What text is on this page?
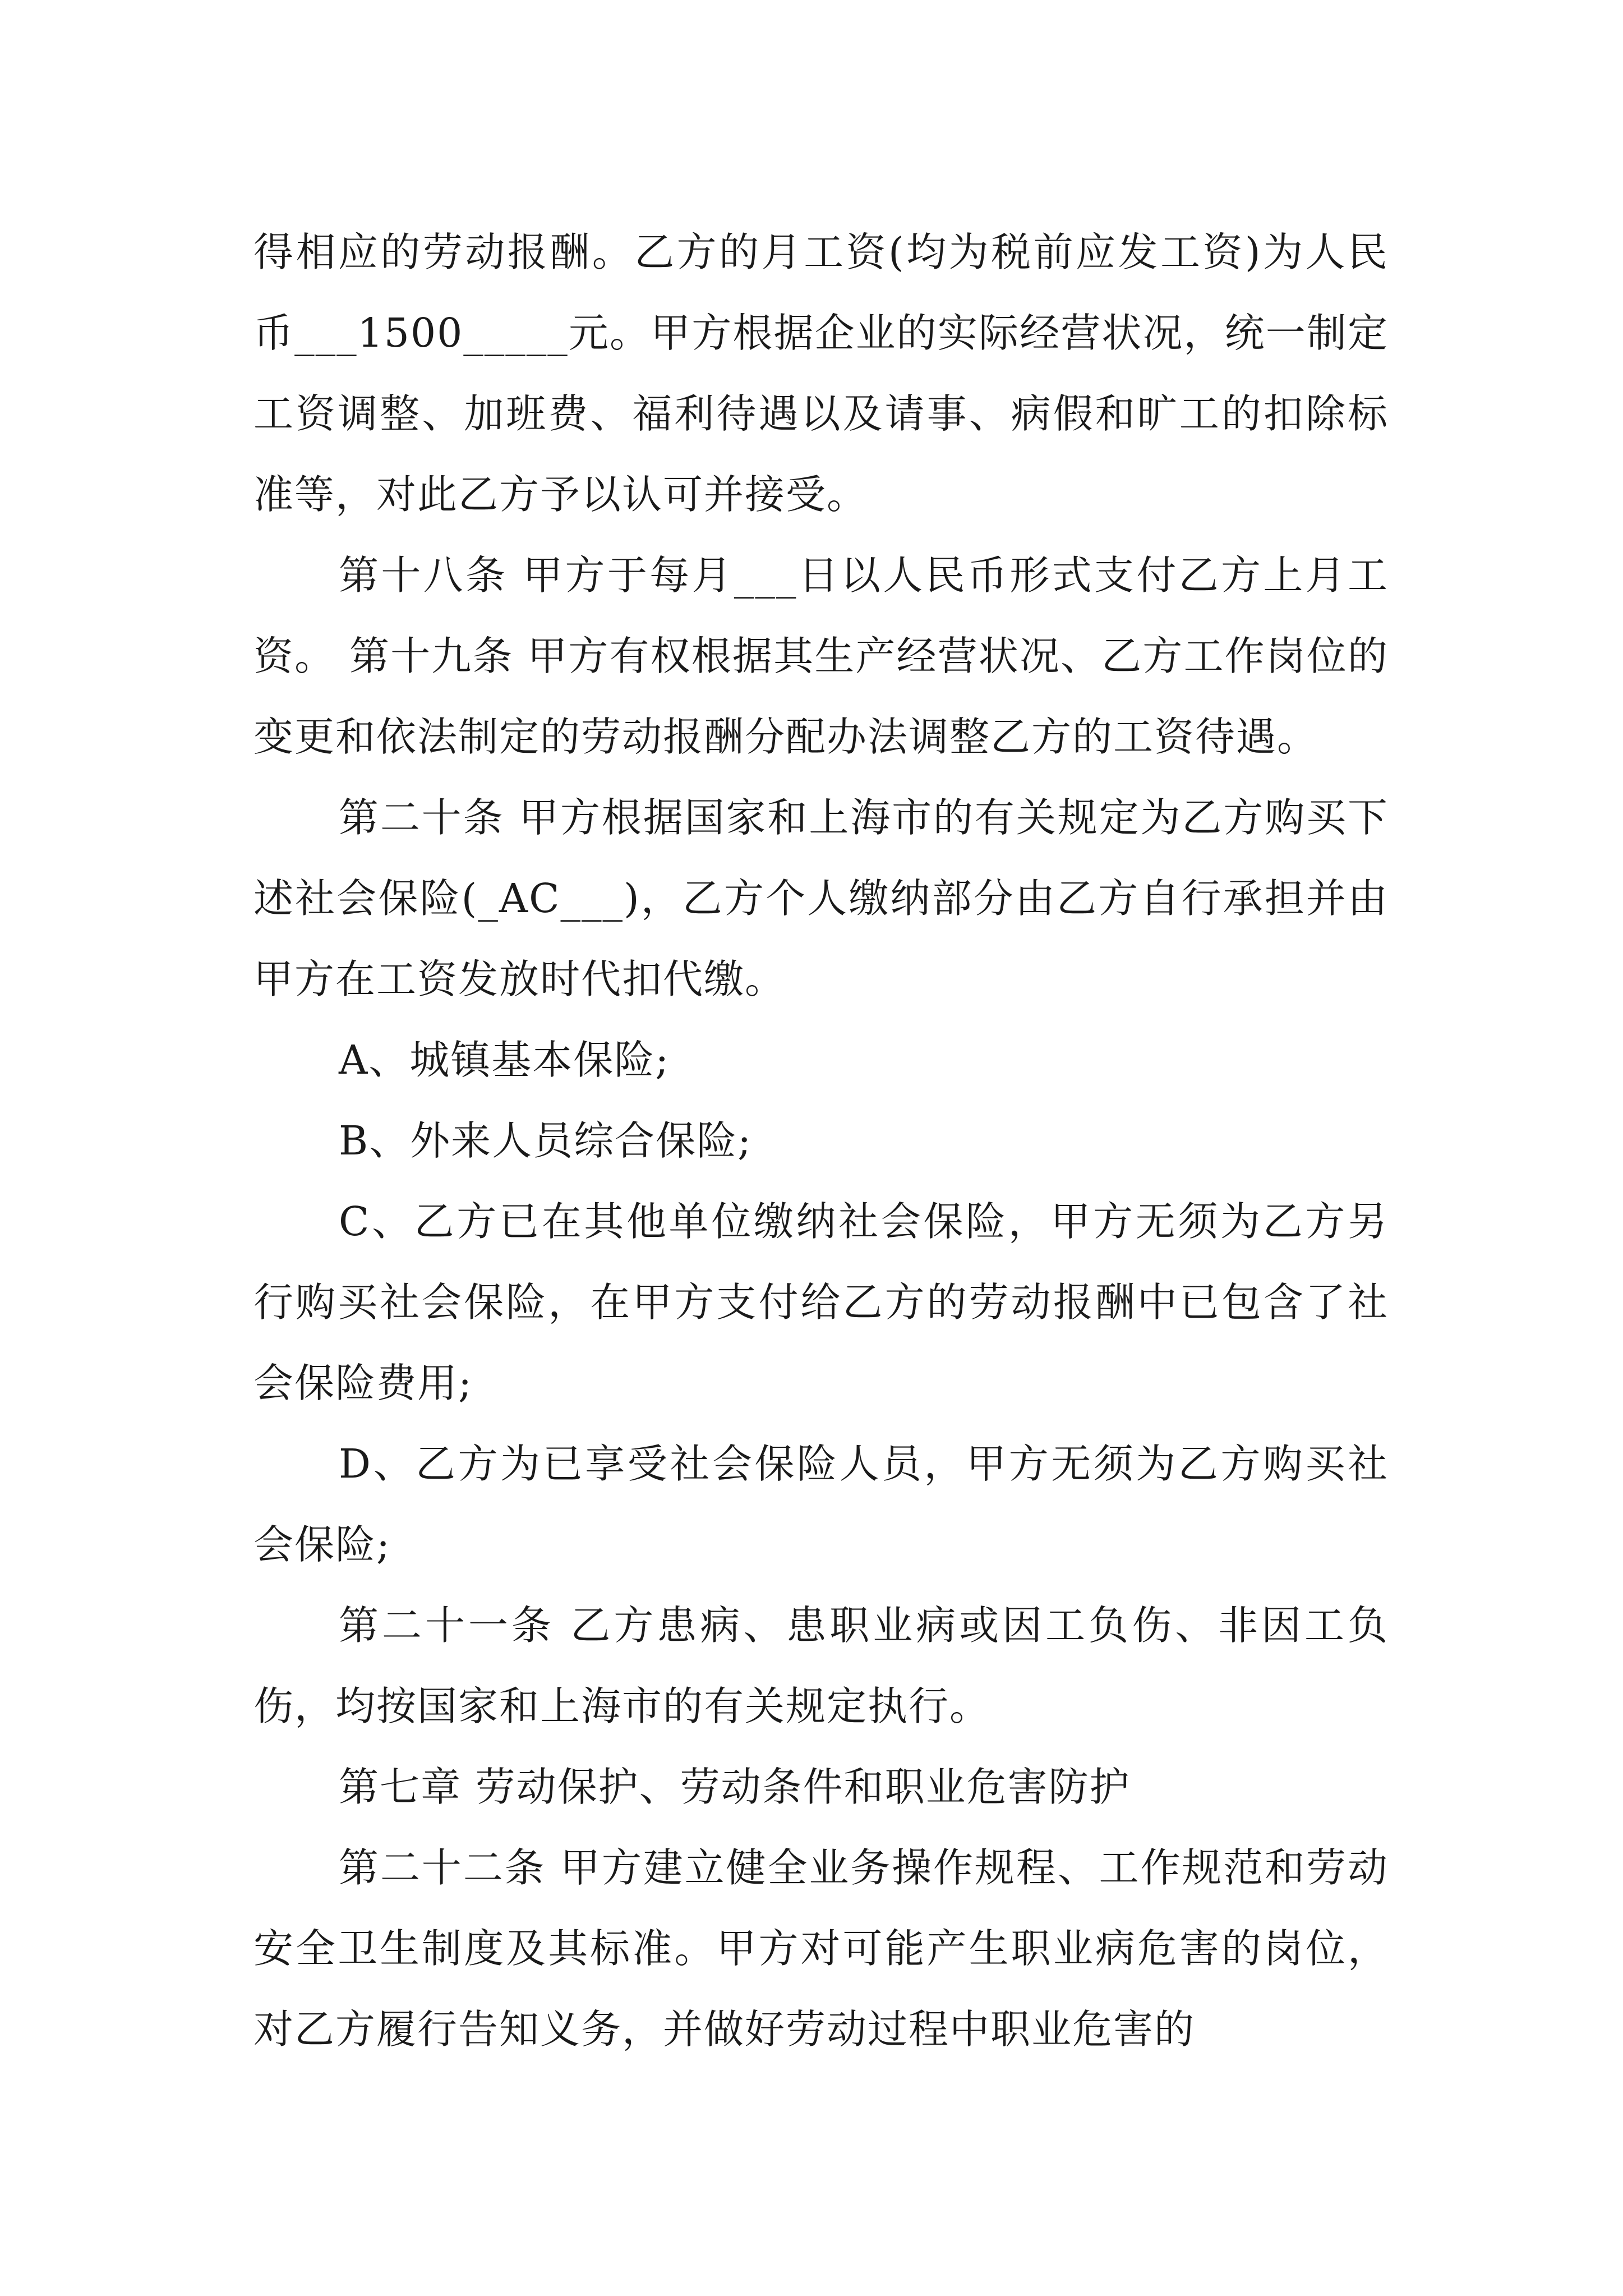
得相应的劳动报酬。乙方的月工资(均为税前应发工资)为人民币___1500_____元。甲方根据企业的实际经营状况，统一制定工资调整、加班费、福利待遇以及请事、病假和旷工的扣除标准等，对此乙方予以认可并接受。

第十八条 甲方于每月___日以人民币形式支付乙方上月工资。 第十九条 甲方有权根据其生产经营状况、乙方工作岗位的变更和依法制定的劳动报酬分配办法调整乙方的工资待遇。

第二十条 甲方根据国家和上海市的有关规定为乙方购买下述社会保险(_AC___)，乙方个人缴纳部分由乙方自行承担并由甲方在工资发放时代扣代缴。

A、城镇基本保险;

B、外来人员综合保险;

C、乙方已在其他单位缴纳社会保险，甲方无须为乙方另行购买社会保险，在甲方支付给乙方的劳动报酬中已包含了社会保险费用;

D、乙方为已享受社会保险人员，甲方无须为乙方购买社会保险;

第二十一条 乙方患病、患职业病或因工负伤、非因工负伤，均按国家和上海市的有关规定执行。

第七章 劳动保护、劳动条件和职业危害防护

第二十二条 甲方建立健全业务操作规程、工作规范和劳动安全卫生制度及其标准。甲方对可能产生职业病危害的岗位，对乙方履行告知义务，并做好劳动过程中职业危害的
